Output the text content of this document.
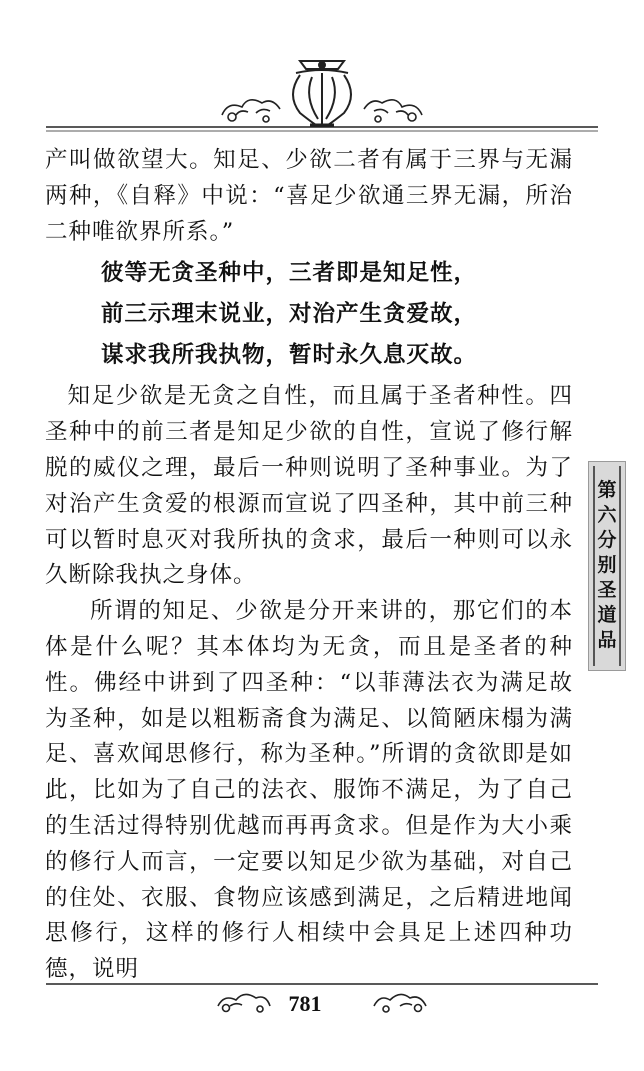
产叫做欲望大。知足、少欲二者有属于三界与无漏两种，《自释》中说：“喜足少欲通三界无漏，所治二种唯欲界所系。”

彼等无贪圣种中，三者即是知足性，

前三示理末说业，对治产生贪爱故，

谋求我所我执物，暂时永久息灭故。

知足少欲是无贪之自性，而且属于圣者种性。四圣种中的前三者是知足少欲的自性，宣说了修行解脱的威仪之理，最后一种则说明了圣种事业。为了对治产生贪爱的根源而宣说了四圣种，其中前三种可以暂时息灭对我所执的贪求，最后一种则可以永久断除我执之身体。

所谓的知足、少欲是分开来讲的，那它们的本体是什么呢？其本体均为无贪，而且是圣者的种性。佛经中讲到了四圣种：“以菲薄法衣为满足故为圣种，如是以粗粝斋食为满足、以简陋床榻为满足、喜欢闻思修行，称为圣种。”所谓的贪欲即是如此，比如为了自己的法衣、服饰不满足，为了自己的生活过得特别优越而再再贪求。但是作为大小乘的修行人而言，一定要以知足少欲为基础，对自己的住处、衣服、食物应该感到满足，之后精进地闻思修行，这样的修行人相续中会具足上述四种功德，说明

第
六
分
别
圣
道
品
781
